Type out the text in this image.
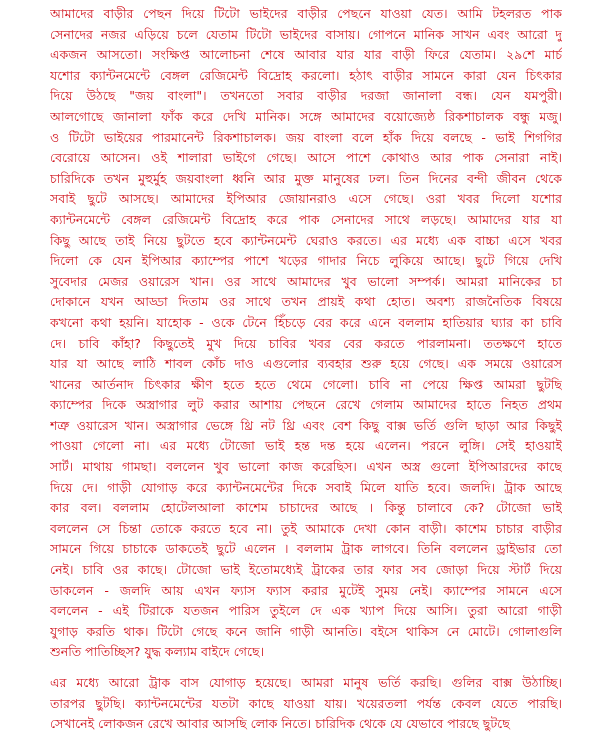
আমাদের বাড়ীর পেছন দিয়ে টিটো ভাইদের বাড়ীর পেছনে যাওয়া যেত। আমি টহলরত পাক
সেনাদের নজর এড়িয়ে চলে যেতাম টিটো ভাইদের বাসায়। গোপনে মানিক সাখন এবং আরো দু
একজন আসতো। সংক্ষিপ্ত আলোচনা শেষে আবার যার যার বাড়ী ফিরে যেতাম। ২৯শে মার্চ
যশোর ক্যান্টনমেন্টে বেঙ্গল রেজিমেন্ট বিদ্রোহ করলো। হঠাৎ বাড়ীর সামনে কারা যেন চিৎকার
দিয়ে উঠছে "জয় বাংলা"। তখনতো সবার বাড়ীর দরজা জানালা বন্ধ। যেন যমপুরী।
আলগোছে জানালা ফাঁক করে দেখি মানিক। সঙ্গে আমাদের বয়োজ্যেষ্ঠ রিকশাচালক বন্ধু মজু।
ও টিটো ভাইয়ের পারমানেন্ট রিকশাচালক। জয় বাংলা বলে হাঁক দিয়ে বলছে - ভাই শিগগির
বেরোয়ে আসেন। ওই শালারা ভাইগে গেছে। আসে পাশে কোথাও আর পাক সেনারা নাই।
চারিদিকে তখন মুহুর্মুহ জয়বাংলা ধ্বনি আর মুক্ত মানুষের ঢল। তিন দিনের বন্দী জীবন থেকে
সবাই ছুটে আসছে। আমাদের ইপিআর জোয়ানরাও এসে গেছে। ওরা খবর দিলো যশোর
ক্যান্টনমেন্টে বেঙ্গল রেজিমেন্ট বিদ্রোহ করে পাক সেনাদের সাথে লড়ছে। আমাদের যার যা
কিছু আছে তাই নিয়ে ছুটতে হবে ক্যান্টনমেন্ট ঘেরাও করতে। এর মধ্যে এক বাচ্চা এসে খবর
দিলো কে যেন ইপিআর ক্যাম্পের পাশে খড়ের গাদার নিচে লুকিয়ে আছে। ছুটে গিয়ে দেখি
সুবেদার মেজর ওয়ারেস খান। ওর সাথে আমাদের খুব ভালো সম্পর্ক। আমরা মানিকের চা
দোকানে যখন আড্ডা দিতাম ওর সাথে তখন প্রায়ই কথা হোত। অবশ্য রাজনৈতিক বিষয়ে
কখনো কথা হয়নি। যাহোক - ওকে টেনে হিঁচড়ে বের করে এনে বললাম হাতিয়ার ঘ্যার কা চাবি
দে। চাবি কাঁহা? কিছুতেই মুখ দিয়ে চাবির খবর বের করতে পারলামনা। ততক্ষণে হাতে
যার যা আছে লাঠি শাবল কোঁচ দাও এগুলোর ব্যবহার শুরু হয়ে গেছে। এক সময়ে ওয়ারেস
খানের আর্তনাদ চিৎকার ক্ষীণ হতে হতে থেমে গেলো। চাবি না পেয়ে ক্ষিপ্ত আমরা ছুটছি
ক্যাম্পের দিকে অস্ত্রাগার লুট করার আশায় পেছনে রেখে গেলাম আমাদের হাতে নিহত প্রথম
শত্রু ওয়ারেস খান। অস্ত্রাগার ভেঙ্গে থ্রি নট থ্রি এবং বেশ কিছু বাক্স ভর্তি গুলি ছাড়া আর কিছুই
পাওয়া গেলো না। এর মধ্যে টোজো ভাই হন্ত দন্ত হয়ে এলেন। পরনে লুঙ্গি। সেই হাওয়াই
সার্ট। মাথায় গামছা। বললেন খুব ভালো কাজ করেছিস। এখন অস্ত্র গুলো ইপিআরদের কাছে
দিয়ে দে। গাড়ী যোগাড় করে ক্যান্টনমেন্টের দিকে সবাই মিলে যাতি হবে। জলদি। ট্রাক আছে
কার বল। বললাম হোটেলআলা কাশেম চাচাদের আছে । কিন্তু চালাবে কে? টোজো ভাই
বললেন সে চিন্তা তোকে করতে হবে না। তুই আমাকে দেখা কোন বাড়ী। কাশেম চাচার বাড়ীর
সামনে গিয়ে চাচাকে ডাকতেই ছুটে এলেন । বললাম ট্রাক লাগবে। তিনি বললেন ড্রাইভার তো
নেই। চাবি ওর কাছে। টোজো ভাই ইতোমধ্যেই ট্রাকের তার ফার সব জোড়া দিয়ে স্টার্ট দিয়ে
ডাকলেন - জলদি আয় এখন ফ্যাস ফ্যাস করার মুটেই সুময় নেই। ক্যাম্পের সামনে এসে
বললেন - এই টিরাকে যতজন পারিস তুইলে দে এক খ্যাপ দিয়ে আসি। তুরা আরো গাড়ী
যুগাড় করতি থাক। টিটো গেছে কনে জানি গাড়ী আনতি। বইসে থাকিস নে মোটে। গোলাগুলি
শুনতি পাতিচ্ছিস? যুদ্ধ কল্যাম বাইদে গেছে।

এর মধ্যে আরো ট্রাক বাস যোগাড় হয়েছে। আমরা মানুষ ভর্তি করছি। গুলির বাক্স উঠাচ্ছি।
তারপর ছুটছি। ক্যান্টনমেন্টের যতটা কাছে যাওয়া যায়। খয়েরতলা পর্যন্ত কেবল যেতে পারছি।
সেখানেই লোকজন রেখে আবার আসছি লোক নিতে। চারিদিক থেকে যে যেভাবে পারছে ছুটছে
